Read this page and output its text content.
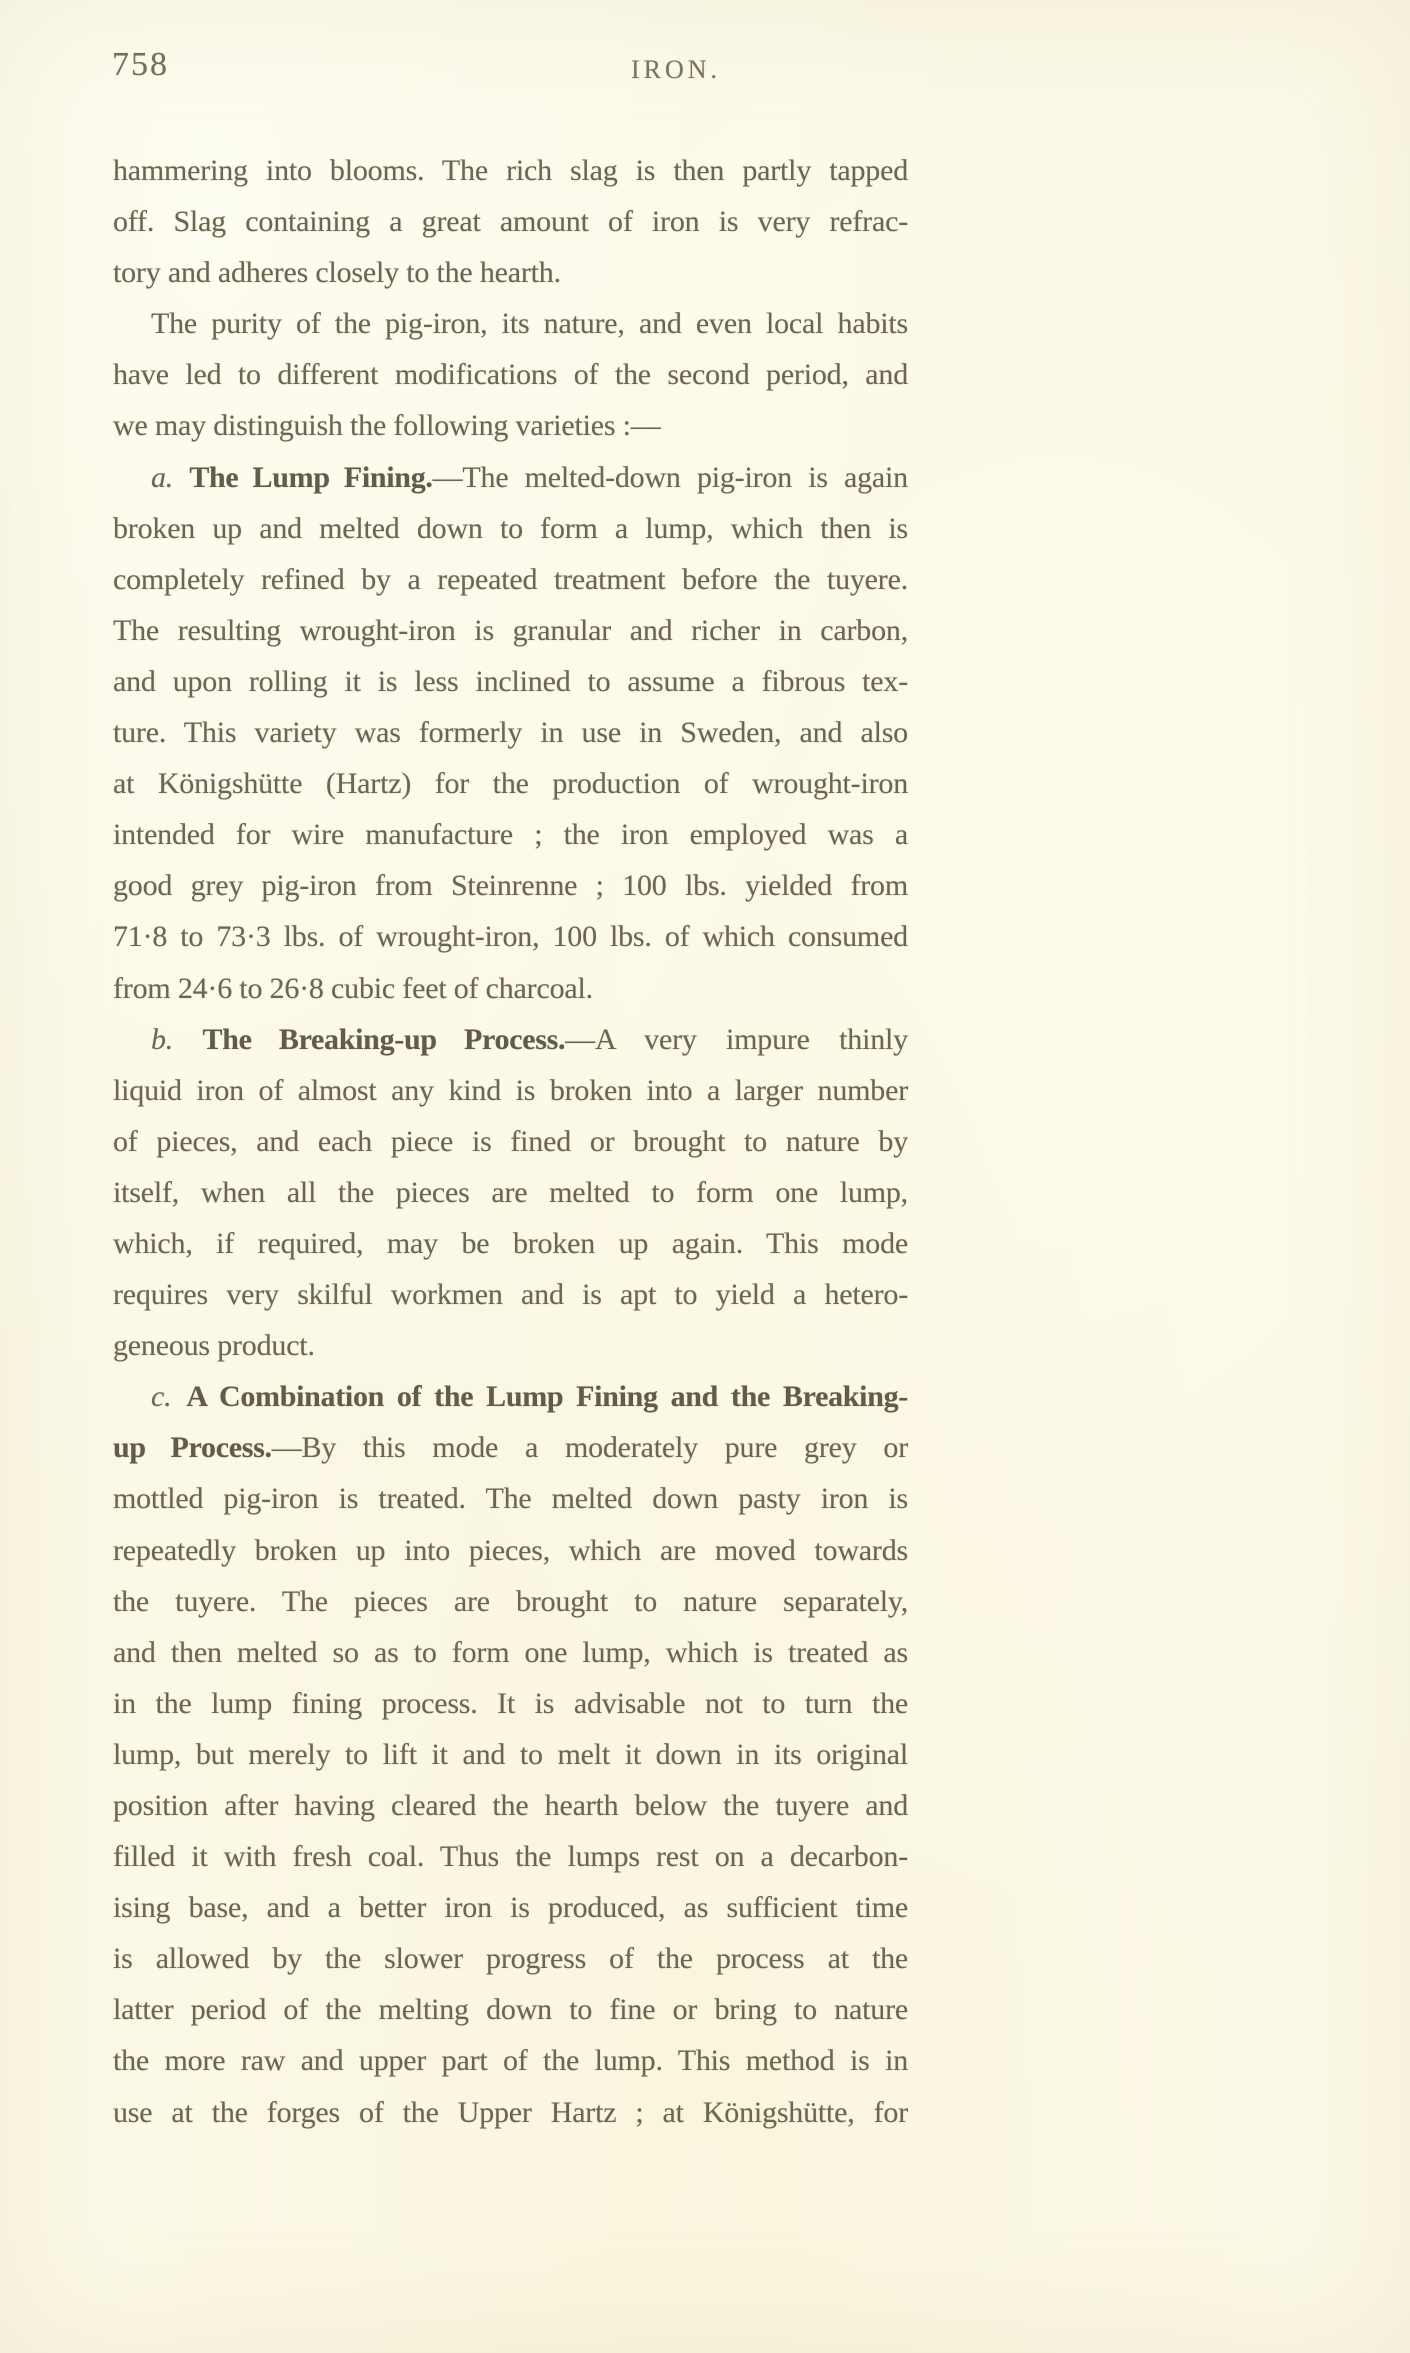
758	IRON.
hammering into blooms. The rich slag is then partly tapped
off. Slag containing a great amount of iron is very refrac-
tory and adheres closely to the hearth.
The purity of the pig-iron, its nature, and even local habits
have led to different modifications of the second period, and
we may distinguish the following varieties :—
a. The Lump Fining.—The melted-down pig-iron is again
broken up and melted down to form a lump, which then is
completely refined by a repeated treatment before the tuyere.
The resulting wrought-iron is granular and richer in carbon,
and upon rolling it is less inclined to assume a fibrous tex-
ture. This variety was formerly in use in Sweden, and also
at Königshütte (Hartz) for the production of wrought-iron
intended for wire manufacture ; the iron employed was a
good grey pig-iron from Steinrenne ; 100 lbs. yielded from
71·8 to 73·3 lbs. of wrought-iron, 100 lbs. of which consumed
from 24·6 to 26·8 cubic feet of charcoal.
b. The Breaking-up Process.—A very impure thinly
liquid iron of almost any kind is broken into a larger number
of pieces, and each piece is fined or brought to nature by
itself, when all the pieces are melted to form one lump,
which, if required, may be broken up again. This mode
requires very skilful workmen and is apt to yield a hetero-
geneous product.
c. A Combination of the Lump Fining and the Breaking-
up Process.—By this mode a moderately pure grey or
mottled pig-iron is treated. The melted down pasty iron is
repeatedly broken up into pieces, which are moved towards
the tuyere. The pieces are brought to nature separately,
and then melted so as to form one lump, which is treated as
in the lump fining process. It is advisable not to turn the
lump, but merely to lift it and to melt it down in its original
position after having cleared the hearth below the tuyere and
filled it with fresh coal. Thus the lumps rest on a decarbon-
ising base, and a better iron is produced, as sufficient time
is allowed by the slower progress of the process at the
latter period of the melting down to fine or bring to nature
the more raw and upper part of the lump. This method is in
use at the forges of the Upper Hartz ; at Königshütte, for
